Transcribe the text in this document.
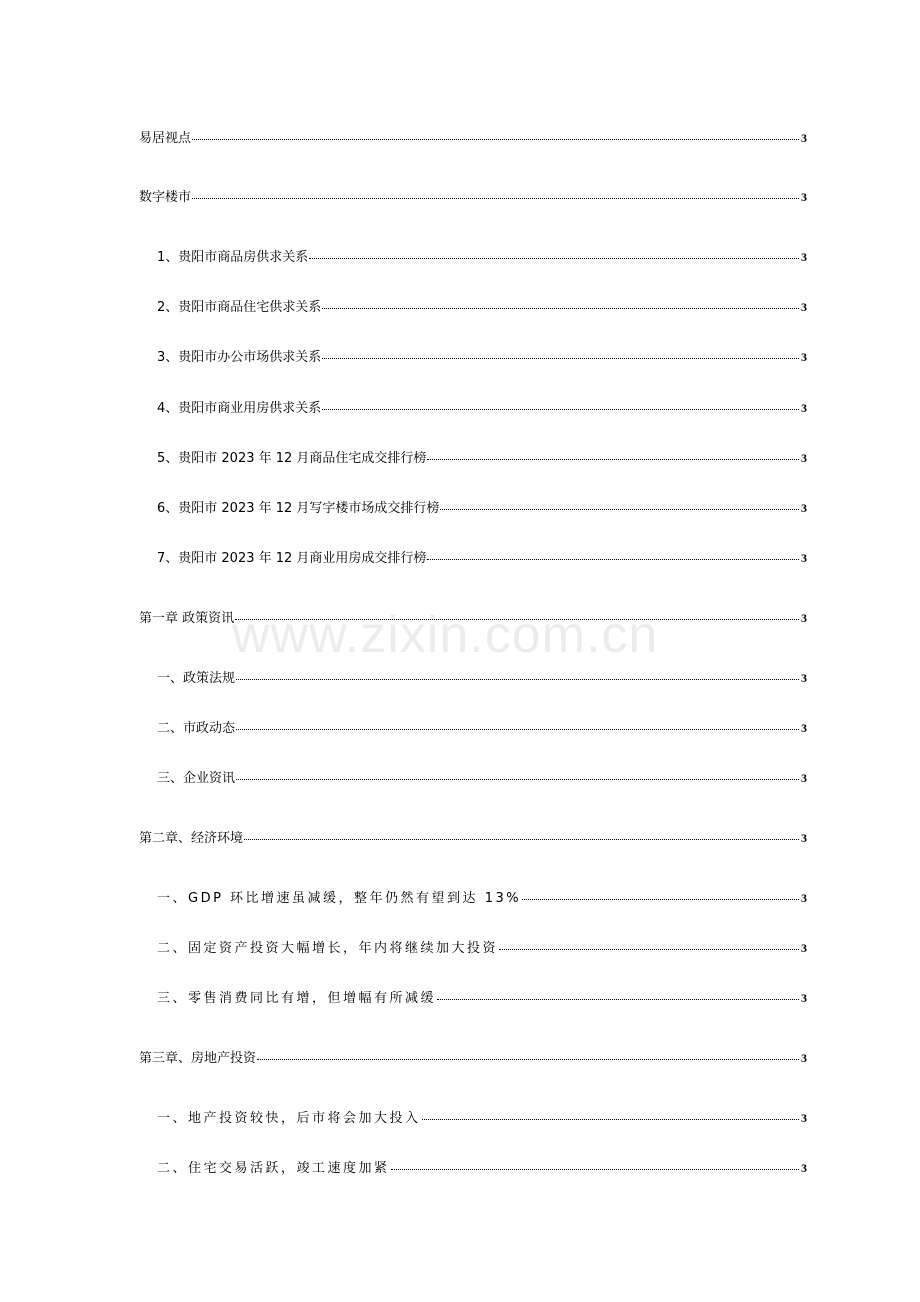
www.zixin.com.cn
易居视点	3
数字楼市	3
1、贵阳市商品房供求关系	3
2、贵阳市商品住宅供求关系	3
3、贵阳市办公市场供求关系	3
4、贵阳市商业用房供求关系	3
5、贵阳市 2023 年 12 月商品住宅成交排行榜	3
6、贵阳市 2023 年 12 月写字楼市场成交排行榜	3
7、贵阳市 2023 年 12 月商业用房成交排行榜	3
第一章 政策资讯	3
一、政策法规	3
二、市政动态	3
三、企业资讯	3
第二章、经济环境	3
一、GDP 环比增速虽减缓，整年仍然有望到达 13%	3
二、固定资产投资大幅增长，年内将继续加大投资	3
三、零售消费同比有增，但增幅有所减缓	3
第三章、房地产投资	3
一、地产投资较快，后市将会加大投入	3
二、住宅交易活跃，竣工速度加紧	3
